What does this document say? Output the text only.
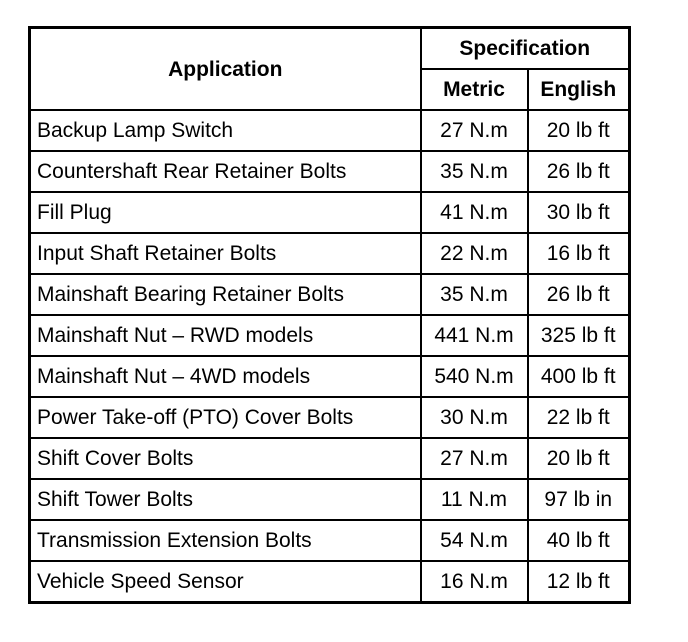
Application	Specification	
	Metric	English
Backup Lamp Switch	27 N.m	20 lb ft
Countershaft Rear Retainer Bolts	35 N.m	26 lb ft
Fill Plug	41 N.m	30 lb ft
Input Shaft Retainer Bolts	22 N.m	16 lb ft
Mainshaft Bearing Retainer Bolts	35 N.m	26 lb ft
Mainshaft Nut – RWD models	441 N.m	325 lb ft
Mainshaft Nut – 4WD models	540 N.m	400 lb ft
Power Take-off (PTO) Cover Bolts	30 N.m	22 lb ft
Shift Cover Bolts	27 N.m	20 lb ft
Shift Tower Bolts	11 N.m	97 lb in
Transmission Extension Bolts	54 N.m	40 lb ft
Vehicle Speed Sensor	16 N.m	12 lb ft
